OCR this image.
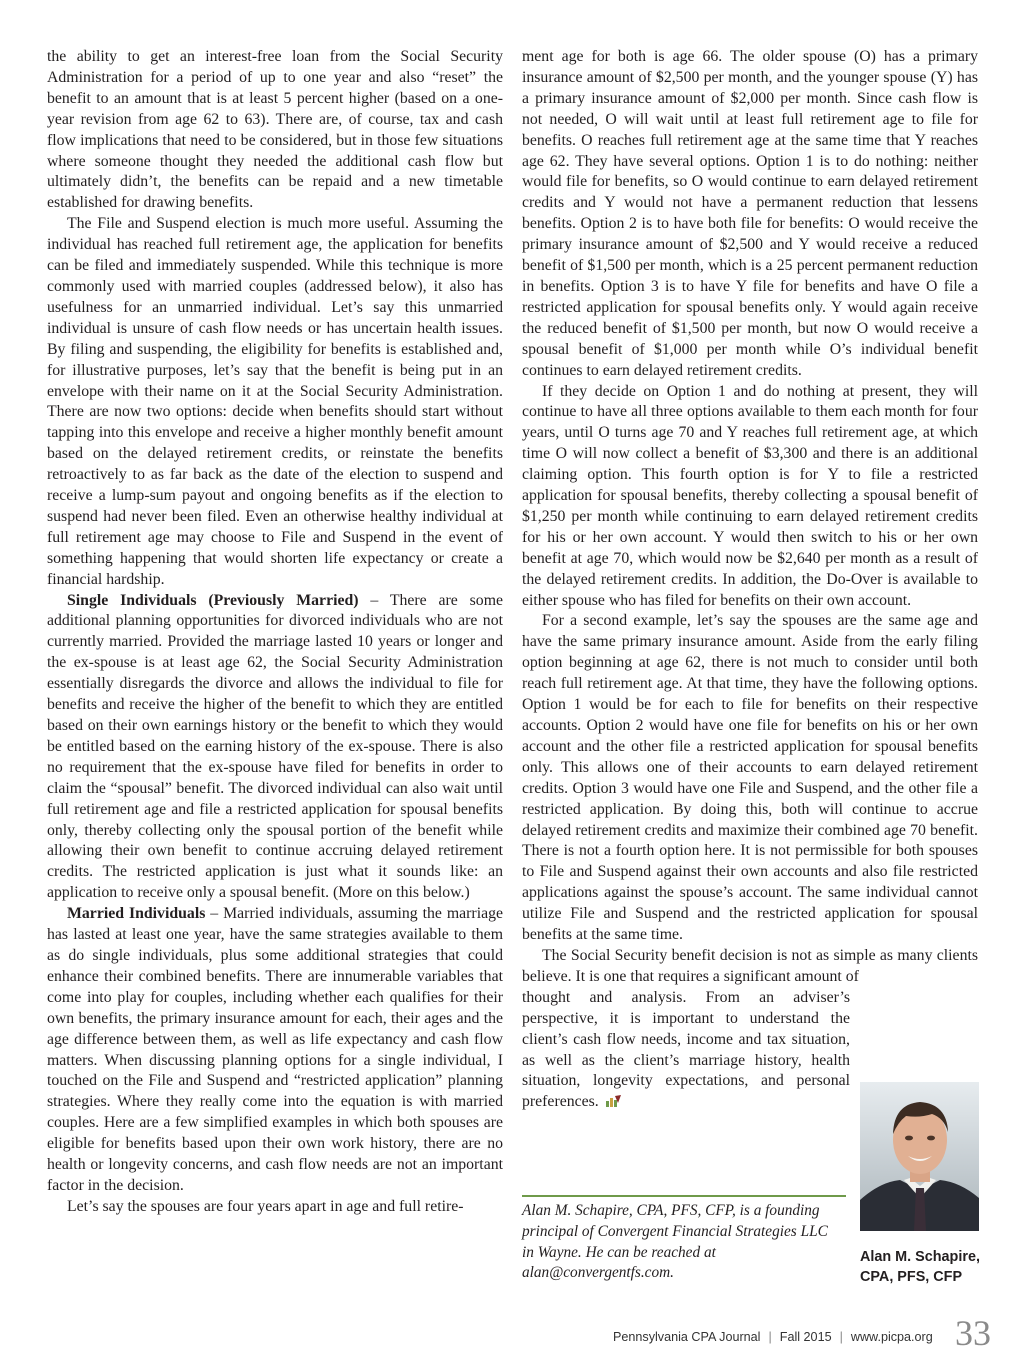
the ability to get an interest-free loan from the Social Security Administration for a period of up to one year and also “reset” the benefit to an amount that is at least 5 percent higher (based on a one-year revision from age 62 to 63). There are, of course, tax and cash flow implications that need to be considered, but in those few situations where someone thought they needed the additional cash flow but ultimately didn’t, the benefits can be repaid and a new timetable established for drawing benefits.

The File and Suspend election is much more useful. Assuming the individual has reached full retirement age, the application for benefits can be filed and immediately suspended. While this technique is more commonly used with married couples (addressed below), it also has usefulness for an unmarried individual. Let’s say this unmarried individual is unsure of cash flow needs or has uncertain health issues. By filing and suspending, the eligibility for benefits is established and, for illustrative purposes, let’s say that the benefit is being put in an envelope with their name on it at the Social Security Administration. There are now two options: decide when benefits should start without tapping into this envelope and receive a higher monthly benefit amount based on the delayed retirement credits, or reinstate the benefits retroactively to as far back as the date of the election to suspend and receive a lump-sum payout and ongoing benefits as if the election to suspend had never been filed. Even an otherwise healthy individual at full retirement age may choose to File and Suspend in the event of something happening that would shorten life expectancy or create a financial hardship.

Single Individuals (Previously Married) – There are some additional planning opportunities for divorced individuals who are not currently married. Provided the marriage lasted 10 years or longer and the ex-spouse is at least age 62, the Social Security Administration essentially disregards the divorce and allows the individual to file for benefits and receive the higher of the benefit to which they are entitled based on their own earnings history or the benefit to which they would be entitled based on the earning history of the ex-spouse. There is also no requirement that the ex-spouse have filed for benefits in order to claim the “spousal” benefit. The divorced individual can also wait until full retirement age and file a restricted application for spousal benefits only, thereby collecting only the spousal portion of the benefit while allowing their own benefit to continue accruing delayed retirement credits. The restricted application is just what it sounds like: an application to receive only a spousal benefit. (More on this below.)

Married Individuals – Married individuals, assuming the marriage has lasted at least one year, have the same strategies available to them as do single individuals, plus some additional strategies that could enhance their combined benefits. There are innumerable variables that come into play for couples, including whether each qualifies for their own benefits, the primary insurance amount for each, their ages and the age difference between them, as well as life expectancy and cash flow matters. When discussing planning options for a single individual, I touched on the File and Suspend and “restricted application” planning strategies. Where they really come into the equation is with married couples. Here are a few simplified examples in which both spouses are eligible for benefits based upon their own work history, there are no health or longevity concerns, and cash flow needs are not an important factor in the decision.

Let’s say the spouses are four years apart in age and full retire-

ment age for both is age 66. The older spouse (O) has a primary insurance amount of $2,500 per month, and the younger spouse (Y) has a primary insurance amount of $2,000 per month. Since cash flow is not needed, O will wait until at least full retirement age to file for benefits. O reaches full retirement age at the same time that Y reaches age 62. They have several options. Option 1 is to do nothing: neither would file for benefits, so O would continue to earn delayed retirement credits and Y would not have a permanent reduction that lessens benefits. Option 2 is to have both file for benefits: O would receive the primary insurance amount of $2,500 and Y would receive a reduced benefit of $1,500 per month, which is a 25 percent permanent reduction in benefits. Option 3 is to have Y file for benefits and have O file a restricted application for spousal benefits only. Y would again receive the reduced benefit of $1,500 per month, but now O would receive a spousal benefit of $1,000 per month while O’s individual benefit continues to earn delayed retirement credits.

If they decide on Option 1 and do nothing at present, they will continue to have all three options available to them each month for four years, until O turns age 70 and Y reaches full retirement age, at which time O will now collect a benefit of $3,300 and there is an additional claiming option. This fourth option is for Y to file a restricted application for spousal benefits, thereby collecting a spousal benefit of $1,250 per month while continuing to earn delayed retirement credits for his or her own account. Y would then switch to his or her own benefit at age 70, which would now be $2,640 per month as a result of the delayed retirement credits. In addition, the Do-Over is available to either spouse who has filed for benefits on their own account.

For a second example, let’s say the spouses are the same age and have the same primary insurance amount. Aside from the early filing option beginning at age 62, there is not much to consider until both reach full retirement age. At that time, they have the following options. Option 1 would be for each to file for benefits on their respective accounts. Option 2 would have one file for benefits on his or her own account and the other file a restricted application for spousal benefits only. This allows one of their accounts to earn delayed retirement credits. Option 3 would have one File and Suspend, and the other file a restricted application. By doing this, both will continue to accrue delayed retirement credits and maximize their combined age 70 benefit. There is not a fourth option here. It is not permissible for both spouses to File and Suspend against their own accounts and also file restricted applications against the spouse’s account. The same individual cannot utilize File and Suspend and the restricted application for spousal benefits at the same time.

The Social Security benefit decision is not as simple as many clients believe. It is one that requires a significant amount of

thought and analysis. From an adviser’s perspective, it is important to understand the client’s cash flow needs, income and tax situation, as well as the client’s marriage history, health situation, longevity expectations, and personal preferences.

Alan M. Schapire, CPA, PFS, CFP, is a founding principal of Convergent Financial Strategies LLC in Wayne. He can be reached at alan@convergentfs.com.
Alan M. Schapire,
CPA, PFS, CFP
Pennsylvania CPA Journal | Fall 2015 | www.picpa.org 33
